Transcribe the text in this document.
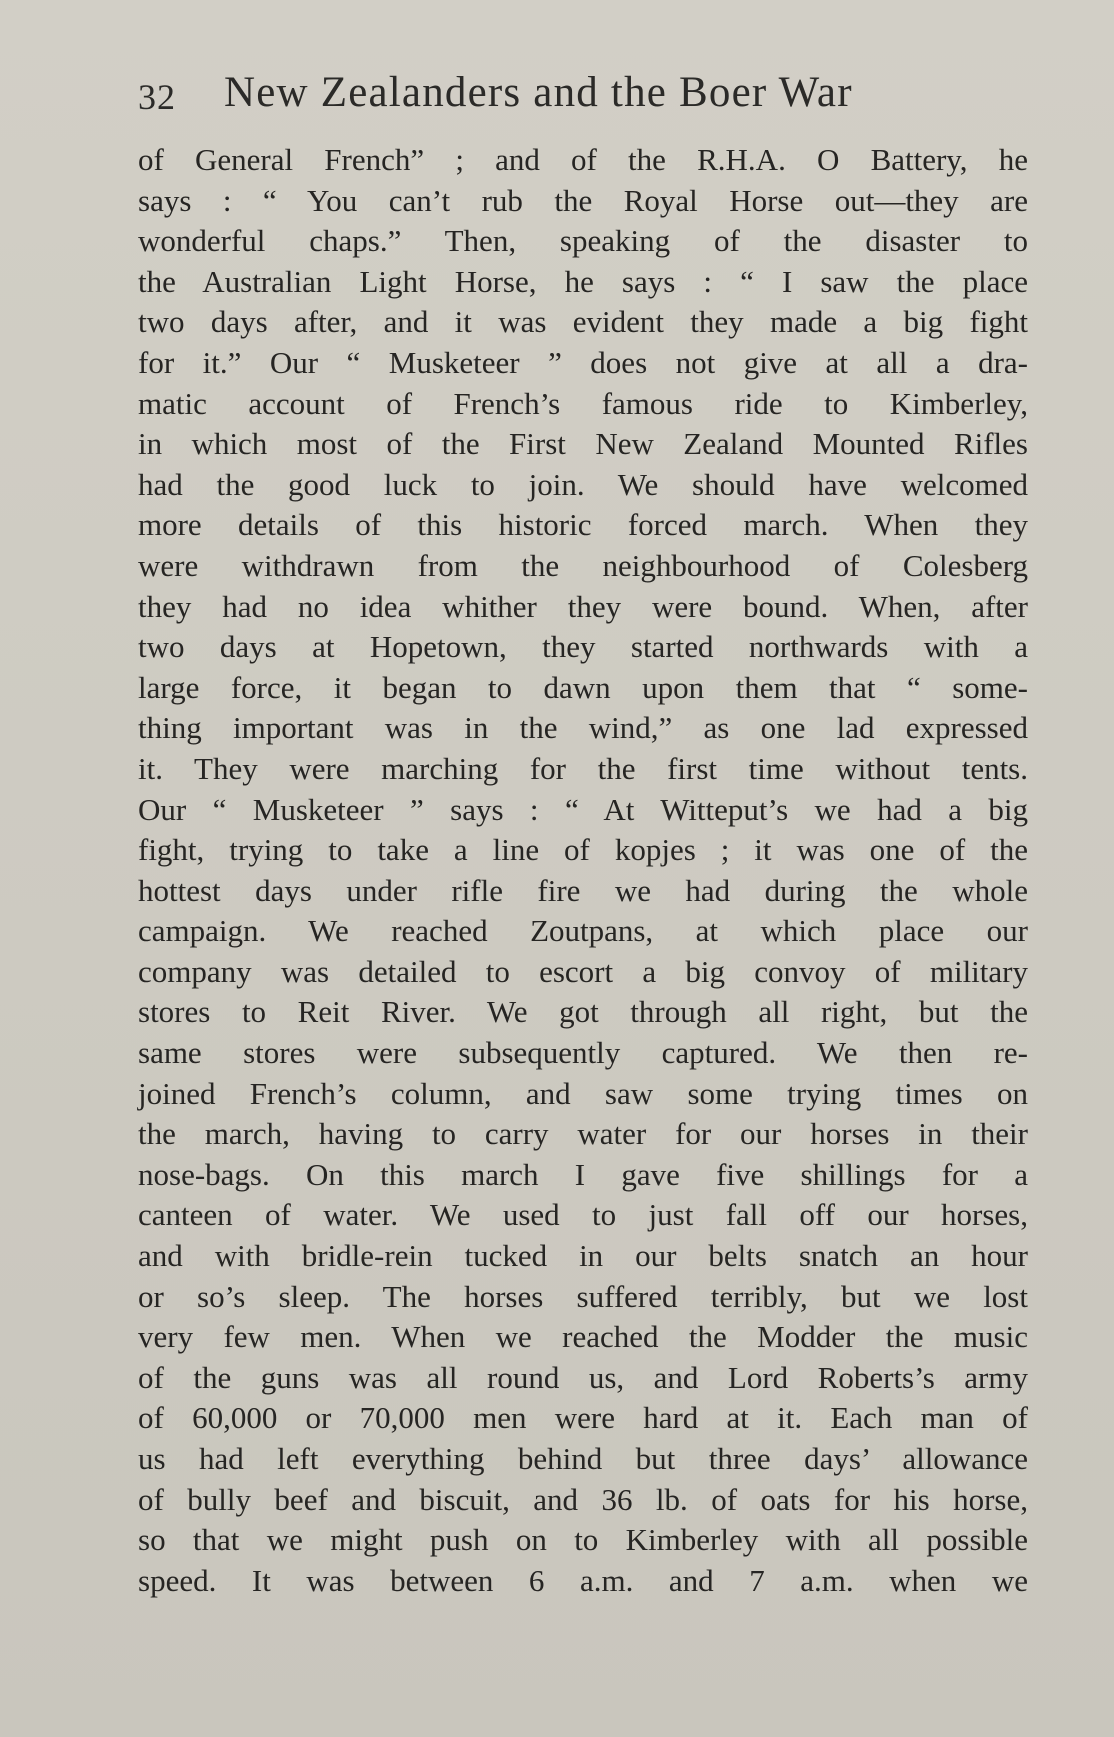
32 New Zealanders and the Boer War
of General French” ; and of the R.H.A. O Battery, he
says : “ You can’t rub the Royal Horse out—they are
wonderful chaps.” Then, speaking of the disaster to
the Australian Light Horse, he says : “ I saw the place
two days after, and it was evident they made a big fight
for it.” Our “ Musketeer ” does not give at all a dra-
matic account of French’s famous ride to Kimberley,
in which most of the First New Zealand Mounted Rifles
had the good luck to join. We should have welcomed
more details of this historic forced march. When they
were withdrawn from the neighbourhood of Colesberg
they had no idea whither they were bound. When, after
two days at Hopetown, they started northwards with a
large force, it began to dawn upon them that “ some-
thing important was in the wind,” as one lad expressed
it. They were marching for the first time without tents.
Our “ Musketeer ” says : “ At Witteput’s we had a big
fight, trying to take a line of kopjes ; it was one of the
hottest days under rifle fire we had during the whole
campaign. We reached Zoutpans, at which place our
company was detailed to escort a big convoy of military
stores to Reit River. We got through all right, but the
same stores were subsequently captured. We then re-
joined French’s column, and saw some trying times on
the march, having to carry water for our horses in their
nose-bags. On this march I gave five shillings for a
canteen of water. We used to just fall off our horses,
and with bridle-rein tucked in our belts snatch an hour
or so’s sleep. The horses suffered terribly, but we lost
very few men. When we reached the Modder the music
of the guns was all round us, and Lord Roberts’s army
of 60,000 or 70,000 men were hard at it. Each man of
us had left everything behind but three days’ allowance
of bully beef and biscuit, and 36 lb. of oats for his horse,
so that we might push on to Kimberley with all possible
speed. It was between 6 a.m. and 7 a.m. when we
